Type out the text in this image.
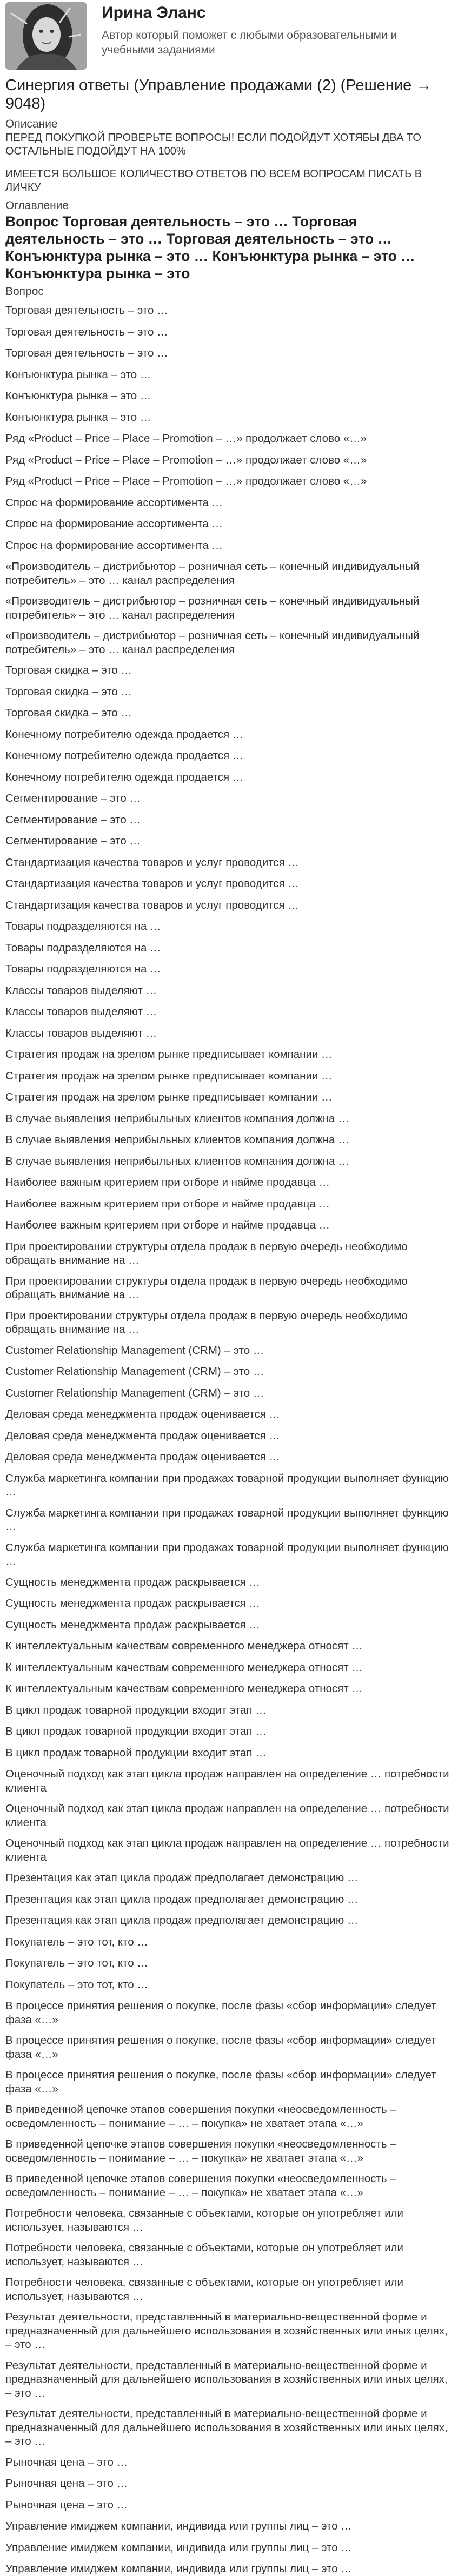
Ирина Эланс
Автор который поможет с любыми образовательными и учебными заданиями
Синергия ответы (Управление продажами (2) (Решение → 9048)
Описание
ПЕРЕД ПОКУПКОЙ ПРОВЕРЬТЕ ВОПРОСЫ! ЕСЛИ ПОДОЙДУТ ХОТЯБЫ ДВА ТО ОСТАЛЬНЫЕ ПОДОЙДУТ НА 100%
ИМЕЕТСЯ БОЛЬШОЕ КОЛИЧЕСТВО ОТВЕТОВ ПО ВСЕМ ВОПРОСАМ ПИСАТЬ В ЛИЧКУ
Оглавление
Вопрос Торговая деятельность – это … Торговая деятельность – это … Торговая деятельность – это … Конъюнктура рынка – это … Конъюнктура рынка – это … Конъюнктура рынка – это
Вопрос
Торговая деятельность – это …
Торговая деятельность – это …
Торговая деятельность – это …
Конъюнктура рынка – это …
Конъюнктура рынка – это …
Конъюнктура рынка – это …
Ряд «Product – Price – Place – Promotion – …» продолжает слово «…»
Ряд «Product – Price – Place – Promotion – …» продолжает слово «…»
Ряд «Product – Price – Place – Promotion – …» продолжает слово «…»
Спрос на формирование ассортимента …
Спрос на формирование ассортимента …
Спрос на формирование ассортимента …
«Производитель – дистрибьютор – розничная сеть – конечный индивидуальный потребитель» – это … канал распределения
«Производитель – дистрибьютор – розничная сеть – конечный индивидуальный потребитель» – это … канал распределения
«Производитель – дистрибьютор – розничная сеть – конечный индивидуальный потребитель» – это … канал распределения
Торговая скидка – это …
Торговая скидка – это …
Торговая скидка – это …
Конечному потребителю одежда продается …
Конечному потребителю одежда продается …
Конечному потребителю одежда продается …
Сегментирование – это …
Сегментирование – это …
Сегментирование – это …
Стандартизация качества товаров и услуг проводится …
Стандартизация качества товаров и услуг проводится …
Стандартизация качества товаров и услуг проводится …
Товары подразделяются на …
Товары подразделяются на …
Товары подразделяются на …
Классы товаров выделяют …
Классы товаров выделяют …
Классы товаров выделяют …
Стратегия продаж на зрелом рынке предписывает компании …
Стратегия продаж на зрелом рынке предписывает компании …
Стратегия продаж на зрелом рынке предписывает компании …
В случае выявления неприбыльных клиентов компания должна …
В случае выявления неприбыльных клиентов компания должна …
В случае выявления неприбыльных клиентов компания должна …
Наиболее важным критерием при отборе и найме продавца …
Наиболее важным критерием при отборе и найме продавца …
Наиболее важным критерием при отборе и найме продавца …
При проектировании структуры отдела продаж в первую очередь необходимо обращать внимание на …
При проектировании структуры отдела продаж в первую очередь необходимо обращать внимание на …
При проектировании структуры отдела продаж в первую очередь необходимо обращать внимание на …
Customer Relationship Management (CRM) – это …
Customer Relationship Management (CRM) – это …
Customer Relationship Management (CRM) – это …
Деловая среда менеджмента продаж оценивается …
Деловая среда менеджмента продаж оценивается …
Деловая среда менеджмента продаж оценивается …
Служба маркетинга компании при продажах товарной продукции выполняет функцию …
Служба маркетинга компании при продажах товарной продукции выполняет функцию …
Служба маркетинга компании при продажах товарной продукции выполняет функцию …
Сущность менеджмента продаж раскрывается …
Сущность менеджмента продаж раскрывается …
Сущность менеджмента продаж раскрывается …
К интеллектуальным качествам современного менеджера относят …
К интеллектуальным качествам современного менеджера относят …
К интеллектуальным качествам современного менеджера относят …
В цикл продаж товарной продукции входит этап …
В цикл продаж товарной продукции входит этап …
В цикл продаж товарной продукции входит этап …
Оценочный подход как этап цикла продаж направлен на определение … потребности клиента
Оценочный подход как этап цикла продаж направлен на определение … потребности клиента
Оценочный подход как этап цикла продаж направлен на определение … потребности клиента
Презентация как этап цикла продаж предполагает демонстрацию …
Презентация как этап цикла продаж предполагает демонстрацию …
Презентация как этап цикла продаж предполагает демонстрацию …
Покупатель – это тот, кто …
Покупатель – это тот, кто …
Покупатель – это тот, кто …
В процессе принятия решения о покупке, после фазы «сбор информации» следует фаза «…»
В процессе принятия решения о покупке, после фазы «сбор информации» следует фаза «…»
В процессе принятия решения о покупке, после фазы «сбор информации» следует фаза «…»
В приведенной цепочке этапов совершения покупки «неосведомленность – осведомленность – понимание – … – покупка» не хватает этапа «…»
В приведенной цепочке этапов совершения покупки «неосведомленность – осведомленность – понимание – … – покупка» не хватает этапа «…»
В приведенной цепочке этапов совершения покупки «неосведомленность – осведомленность – понимание – … – покупка» не хватает этапа «…»
Потребности человека, связанные с объектами, которые он употребляет или использует, называются …
Потребности человека, связанные с объектами, которые он употребляет или использует, называются …
Потребности человека, связанные с объектами, которые он употребляет или использует, называются …
Результат деятельности, представленный в материально-вещественной форме и предназначенный для дальнейшего использования в хозяйственных или иных целях, – это …
Результат деятельности, представленный в материально-вещественной форме и предназначенный для дальнейшего использования в хозяйственных или иных целях, – это …
Результат деятельности, представленный в материально-вещественной форме и предназначенный для дальнейшего использования в хозяйственных или иных целях, – это …
Рыночная цена – это …
Рыночная цена – это …
Рыночная цена – это …
Управление имиджем компании, индивида или группы лиц – это …
Управление имиджем компании, индивида или группы лиц – это …
Управление имиджем компании, индивида или группы лиц – это …
